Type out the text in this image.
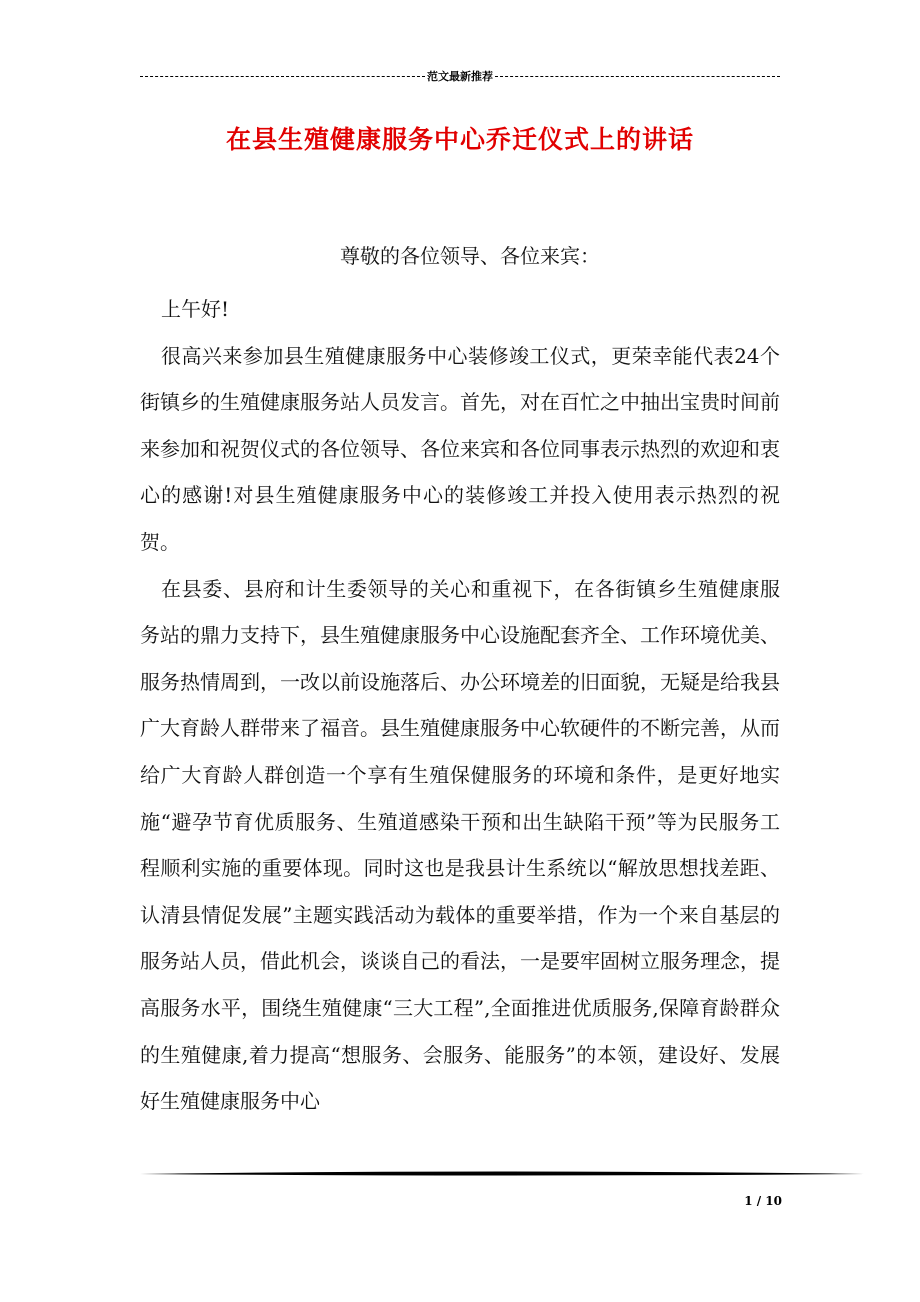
范文最新推荐
在县生殖健康服务中心乔迁仪式上的讲话
尊敬的各位领导、各位来宾：

上午好!

很高兴来参加县生殖健康服务中心装修竣工仪式，更荣幸能代表24个街镇乡的生殖健康服务站人员发言。首先，对在百忙之中抽出宝贵时间前来参加和祝贺仪式的各位领导、各位来宾和各位同事表示热烈的欢迎和衷心的感谢!对县生殖健康服务中心的装修竣工并投入使用表示热烈的祝贺。

在县委、县府和计生委领导的关心和重视下，在各街镇乡生殖健康服务站的鼎力支持下，县生殖健康服务中心设施配套齐全、工作环境优美、服务热情周到，一改以前设施落后、办公环境差的旧面貌，无疑是给我县广大育龄人群带来了福音。县生殖健康服务中心软硬件的不断完善，从而给广大育龄人群创造一个享有生殖保健服务的环境和条件，是更好地实施“避孕节育优质服务、生殖道感染干预和出生缺陷干预”等为民服务工程顺利实施的重要体现。同时这也是我县计生系统以“解放思想找差距、认清县情促发展”主题实践活动为载体的重要举措，作为一个来自基层的服务站人员，借此机会，谈谈自己的看法，一是要牢固树立服务理念，提高服务水平，围绕生殖健康“三大工程”,全面推进优质服务,保障育龄群众的生殖健康,着力提高“想服务、会服务、能服务”的本领，建设好、发展好生殖健康服务中心

1 / 10
